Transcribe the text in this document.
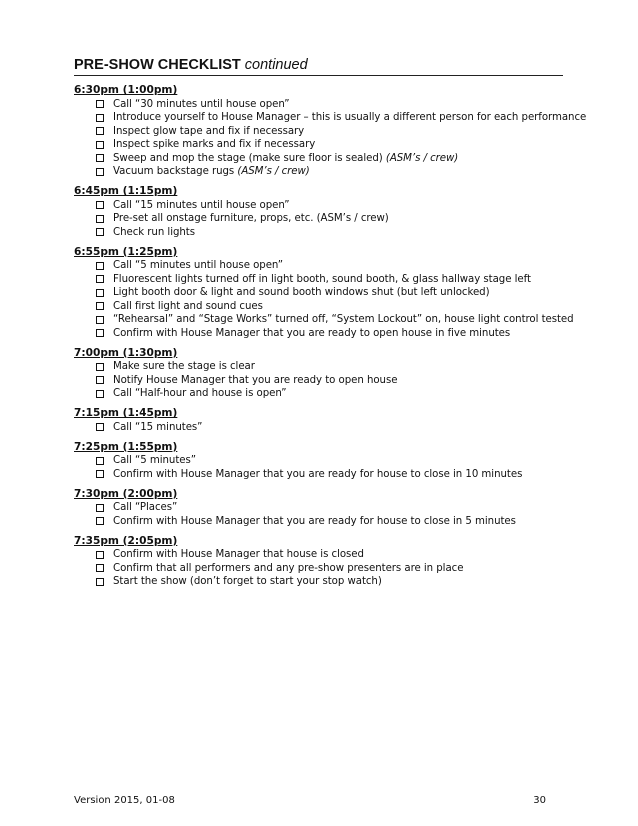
PRE-SHOW CHECKLIST continued
6:30pm (1:00pm)
Call “30 minutes until house open”
Introduce yourself to House Manager – this is usually a different person for each performance
Inspect glow tape and fix if necessary
Inspect spike marks and fix if necessary
Sweep and mop the stage (make sure floor is sealed) (ASM’s / crew)
Vacuum backstage rugs (ASM’s / crew)
6:45pm (1:15pm)
Call “15 minutes until house open”
Pre-set all onstage furniture, props, etc. (ASM’s / crew)
Check run lights
6:55pm (1:25pm)
Call “5 minutes until house open”
Fluorescent lights turned off in light booth, sound booth, & glass hallway stage left
Light booth door & light and sound booth windows shut (but left unlocked)
Call first light and sound cues
“Rehearsal” and “Stage Works” turned off, “System Lockout” on, house light control tested
Confirm with House Manager that you are ready to open house in five minutes
7:00pm (1:30pm)
Make sure the stage is clear
Notify House Manager that you are ready to open house
Call “Half-hour and house is open”
7:15pm (1:45pm)
Call “15 minutes”
7:25pm (1:55pm)
Call “5 minutes”
Confirm with House Manager that you are ready for house to close in 10 minutes
7:30pm (2:00pm)
Call “Places”
Confirm with House Manager that you are ready for house to close in 5 minutes
7:35pm (2:05pm)
Confirm with House Manager that house is closed
Confirm that all performers and any pre-show presenters are in place
Start the show (don’t forget to start your stop watch)
Version 2015, 01-08	30
